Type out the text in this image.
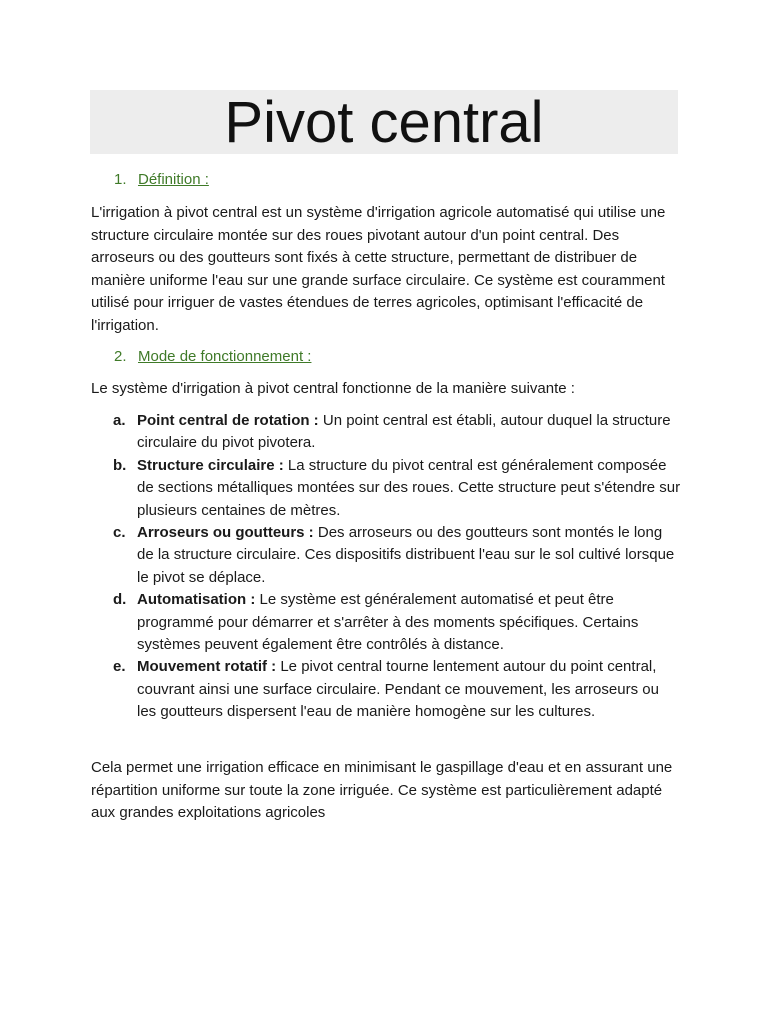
Pivot central
1. Définition :

L'irrigation à pivot central est un système d'irrigation agricole automatisé qui utilise une structure circulaire montée sur des roues pivotant autour d'un point central. Des arroseurs ou des goutteurs sont fixés à cette structure, permettant de distribuer de manière uniforme l'eau sur une grande surface circulaire. Ce système est couramment utilisé pour irriguer de vastes étendues de terres agricoles, optimisant l'efficacité de l'irrigation.

2. Mode de fonctionnement :

Le système d'irrigation à pivot central fonctionne de la manière suivante :

a. Point central de rotation : Un point central est établi, autour duquel la structure circulaire du pivot pivotera.
b. Structure circulaire : La structure du pivot central est généralement composée de sections métalliques montées sur des roues. Cette structure peut s'étendre sur plusieurs centaines de mètres.
c. Arroseurs ou goutteurs : Des arroseurs ou des goutteurs sont montés le long de la structure circulaire. Ces dispositifs distribuent l'eau sur le sol cultivé lorsque le pivot se déplace.
d. Automatisation : Le système est généralement automatisé et peut être programmé pour démarrer et s'arrêter à des moments spécifiques. Certains systèmes peuvent également être contrôlés à distance.
e. Mouvement rotatif : Le pivot central tourne lentement autour du point central, couvrant ainsi une surface circulaire. Pendant ce mouvement, les arroseurs ou les goutteurs dispersent l'eau de manière homogène sur les cultures.

Cela permet une irrigation efficace en minimisant le gaspillage d'eau et en assurant une répartition uniforme sur toute la zone irriguée. Ce système est particulièrement adapté aux grandes exploitations agricoles
